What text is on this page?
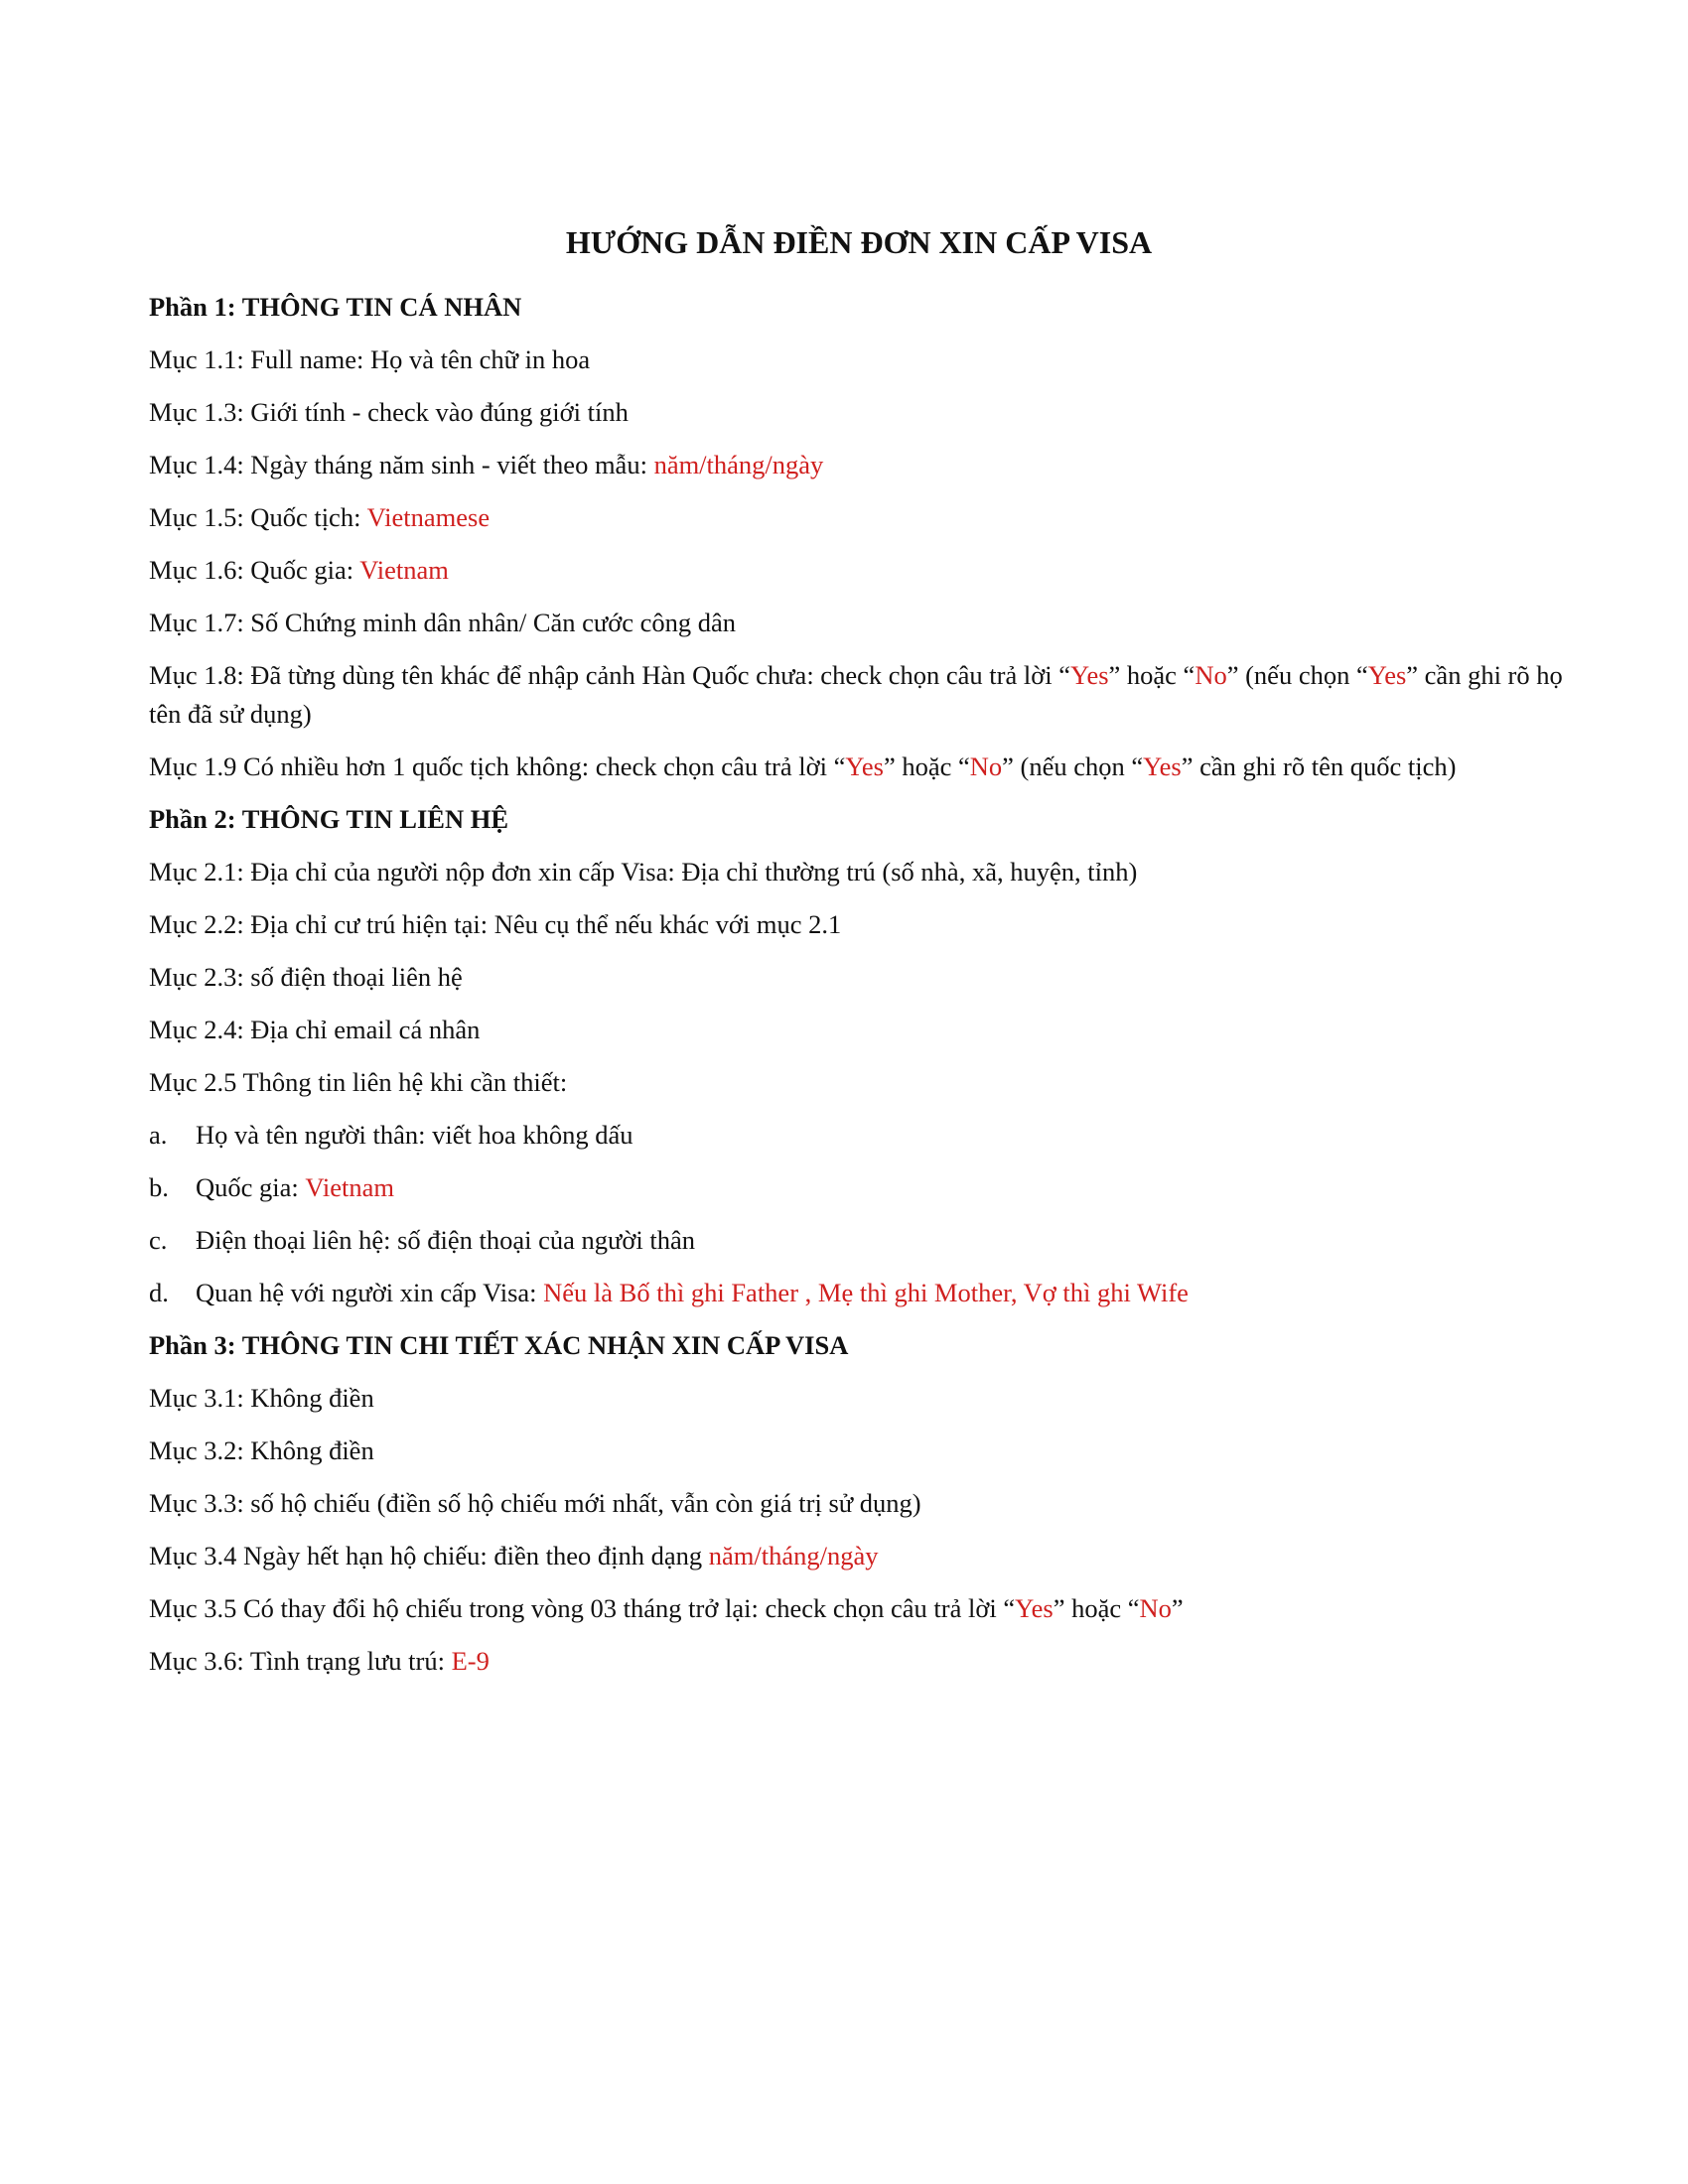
HƯỚNG DẪN ĐIỀN ĐƠN XIN CẤP VISA
Phần 1: THÔNG TIN CÁ NHÂN
Mục 1.1: Full name: Họ và tên chữ in hoa
Mục 1.3: Giới tính - check vào đúng giới tính
Mục 1.4: Ngày tháng năm sinh - viết theo mẫu: năm/tháng/ngày
Mục 1.5: Quốc tịch: Vietnamese
Mục 1.6: Quốc gia: Vietnam
Mục 1.7: Số Chứng minh dân nhân/ Căn cước công dân
Mục 1.8: Đã từng dùng tên khác để nhập cảnh Hàn Quốc chưa: check chọn câu trả lời “Yes” hoặc “No” (nếu chọn “Yes” cần ghi rõ họ tên đã sử dụng)
Mục 1.9 Có nhiều hơn 1 quốc tịch không: check chọn câu trả lời “Yes” hoặc “No” (nếu chọn “Yes” cần ghi rõ tên quốc tịch)
Phần 2: THÔNG TIN LIÊN HỆ
Mục 2.1: Địa chỉ của người nộp đơn xin cấp Visa: Địa chỉ thường trú (số nhà, xã, huyện, tỉnh)
Mục 2.2: Địa chỉ cư trú hiện tại: Nêu cụ thể nếu khác với mục 2.1
Mục 2.3: số điện thoại liên hệ
Mục 2.4: Địa chỉ email cá nhân
Mục 2.5 Thông tin liên hệ khi cần thiết:
a.	Họ và tên người thân: viết hoa không dấu
b.	Quốc gia:
Vietnam
c.	Điện thoại liên hệ: số điện thoại của người thân
d.	Quan hệ với người xin cấp Visa:
Nếu là Bố thì ghi Father , Mẹ thì ghi Mother, Vợ thì ghi Wife
Phần 3: THÔNG TIN CHI TIẾT XÁC NHẬN XIN CẤP VISA
Mục 3.1: Không điền
Mục 3.2: Không điền
Mục 3.3: số hộ chiếu (điền số hộ chiếu mới nhất, vẫn còn giá trị sử dụng)
Mục 3.4 Ngày hết hạn hộ chiếu: điền theo định dạng năm/tháng/ngày
Mục 3.5 Có thay đổi hộ chiếu trong vòng 03 tháng trở lại: check chọn câu trả lời “Yes” hoặc “No”
Mục 3.6: Tình trạng lưu trú: E-9
